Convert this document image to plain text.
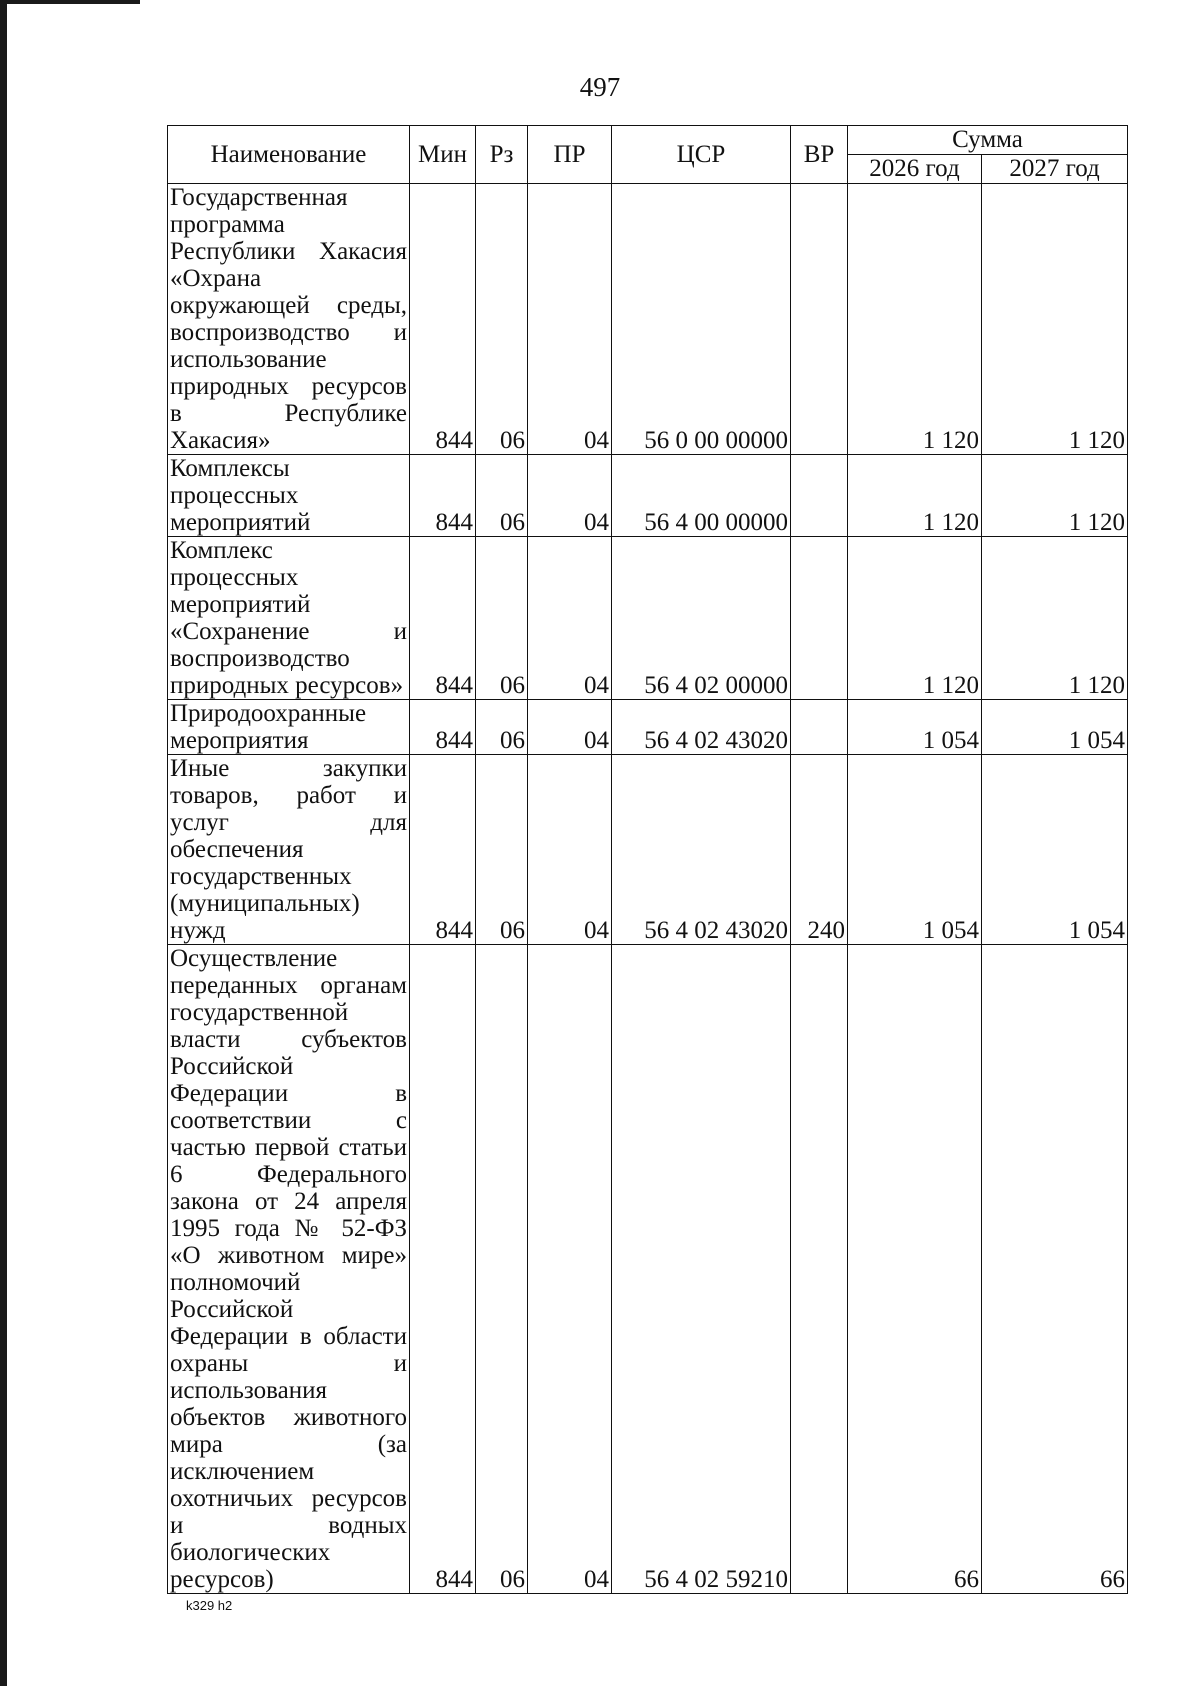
497
Наименование	Мин	Рз	ПР	ЦСР	ВР	Сумма	
						2026 год	2027 год

Государственная программа Республики Хакасия «Охрана окружающей среды, воспроизводство и использование природных ресурсов в Республике Хакасия»	844	06	04	56 0 00 00000		1 120	1 120

Комплексы процессных мероприятий	844	06	04	56 4 00 00000		1 120	1 120

Комплекс процессных мероприятий «Сохранение и воспроизводство природных ресурсов»	844	06	04	56 4 02 00000		1 120	1 120

Природоохранные мероприятия	844	06	04	56 4 02 43020		1 054	1 054

Иные закупки товаров, работ и услуг для обеспечения государственных (муниципальных) нужд	844	06	04	56 4 02 43020	240	1 054	1 054

Осуществление переданных органам государственной власти субъектов Российской Федерации в соответствии с частью первой статьи 6 Федерального закона от 24 апреля 1995 года № 52-ФЗ «О животном мире» полномочий Российской Федерации в области охраны и использования объектов животного мира (за исключением охотничьих ресурсов и водных биологических ресурсов)	844	06	04	56 4 02 59210		66	66
k329 h2
